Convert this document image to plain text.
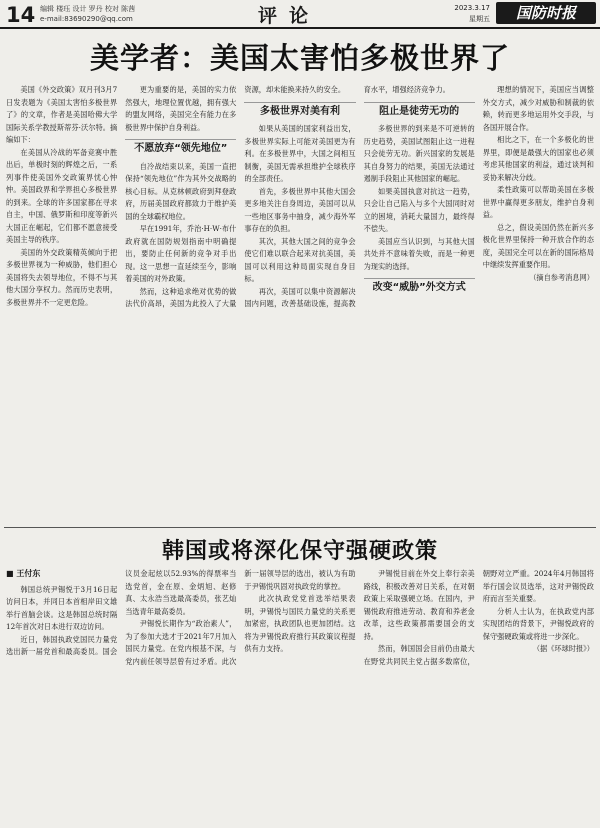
14 编辑 楼珏 设计 罗丹 校对 陈茜
e-mail:83690290@qq.com	评论	2023.3.17
星期五	国防时报
美学者：美国太害怕多极世界了

美国《外交政策》双月刊3月7日发表题为《美国太害怕多极世界了》的文章，作者是美国哈佛大学国际关系学教授斯蒂芬·沃尔特。摘编如下：

在美国从冷战的军备竞赛中胜出后，单极时刻的辉煌之后，一系列事件使美国外交政策界忧心忡忡。美国政界和学界担心多极世界的到来。全球的许多国家都在寻求自主，中国、俄罗斯和印度等新兴大国正在崛起，它们都不愿意接受美国主导的秩序。

美国的外交政策精英倾向于把多极世界视为一种威胁，他们担心美国将失去领导地位，不得不与其他大国分享权力。然而历史表明，多极世界并不一定更危险。

更为重要的是，美国的实力依然强大，地理位置优越，拥有强大的盟友网络，美国完全有能力在多极世界中保护自身利益。

不愿放弃“领先地位”

自冷战结束以来，美国一直把保持“领先地位”作为其外交战略的核心目标。从克林顿政府到拜登政府，历届美国政府都致力于维护美国的全球霸权地位。

早在1991年，乔治·H·W·布什政府就在国防规划指南中明确提出，要防止任何新的竞争对手出现。这一思想一直延续至今，影响着美国的对外政策。

然而，这种追求绝对优势的做法代价高昂，美国为此投入了大量资源，却未能换来持久的安全。

多极世界对美有利

如果从美国的国家利益出发，多极世界实际上可能对美国更为有利。在多极世界中，大国之间相互制衡，美国无需承担维护全球秩序的全部责任。

首先，多极世界中其他大国会更多地关注自身周边，美国可以从一些地区事务中抽身，减少海外军事存在的负担。

其次，其他大国之间的竞争会使它们难以联合起来对抗美国，美国可以利用这种局面实现自身目标。

再次，美国可以集中资源解决国内问题，改善基础设施，提高教育水平，增强经济竞争力。

阻止是徒劳无功的

多极世界的到来是不可逆转的历史趋势，美国试图阻止这一进程只会徒劳无功。新兴国家的发展是其自身努力的结果，美国无法通过遏制手段阻止其他国家的崛起。

如果美国执意对抗这一趋势，只会让自己陷入与多个大国同时对立的困境，消耗大量国力，最终得不偿失。

美国应当认识到，与其他大国共处并不意味着失败，而是一种更为现实的选择。

改变“威胁”外交方式

理想的情况下，美国应当调整外交方式，减少对威胁和制裁的依赖，转而更多地运用外交手段，与各国开展合作。

相比之下，在一个多极化的世界里，即便是最强大的国家也必须考虑其他国家的利益，通过谈判和妥协来解决分歧。

柔性政策可以帮助美国在多极世界中赢得更多朋友，维护自身利益。

总之，假设美国仍然在新兴多极化世界里保持一种开放合作的态度，美国完全可以在新的国际格局中继续发挥重要作用。

（摘自参考消息网）

韩国或将深化保守强硬政策

■ 王付东

韩国总统尹锡悦于3月16日起访问日本，并同日本首相岸田文雄举行首脑会谈。这是韩国总统时隔12年首次对日本进行双边访问。

近日，韩国执政党国民力量党选出新一届党首和最高委员。国会议员金起炫以52.93%的得票率当选党首，金在原、金炳旭、赵修真、太永浩当选最高委员，张艺灿当选青年最高委员。

尹锡悦长期作为“政治素人”，为了参加大选才于2021年7月加入国民力量党。在党内根基不深，与党内前任领导层曾有过矛盾。此次新一届领导层的选出，被认为有助于尹锡悦巩固对执政党的掌控。

此次执政党党首选举结果表明，尹锡悦与国民力量党的关系更加紧密，执政团队也更加团结。这将为尹锡悦政府推行其政策议程提供有力支持。

尹锡悦目前在外交上奉行亲美路线，积极改善对日关系，在对朝政策上采取强硬立场。在国内，尹锡悦政府推进劳动、教育和养老金改革，这些政策都需要国会的支持。

然而，韩国国会目前仍由最大在野党共同民主党占据多数席位，朝野对立严重。2024年4月韩国将举行国会议员选举，这对尹锡悦政府而言至关重要。

分析人士认为，在执政党内部实现团结的背景下，尹锡悦政府的保守强硬政策或将进一步深化。

（据《环球时报》）
